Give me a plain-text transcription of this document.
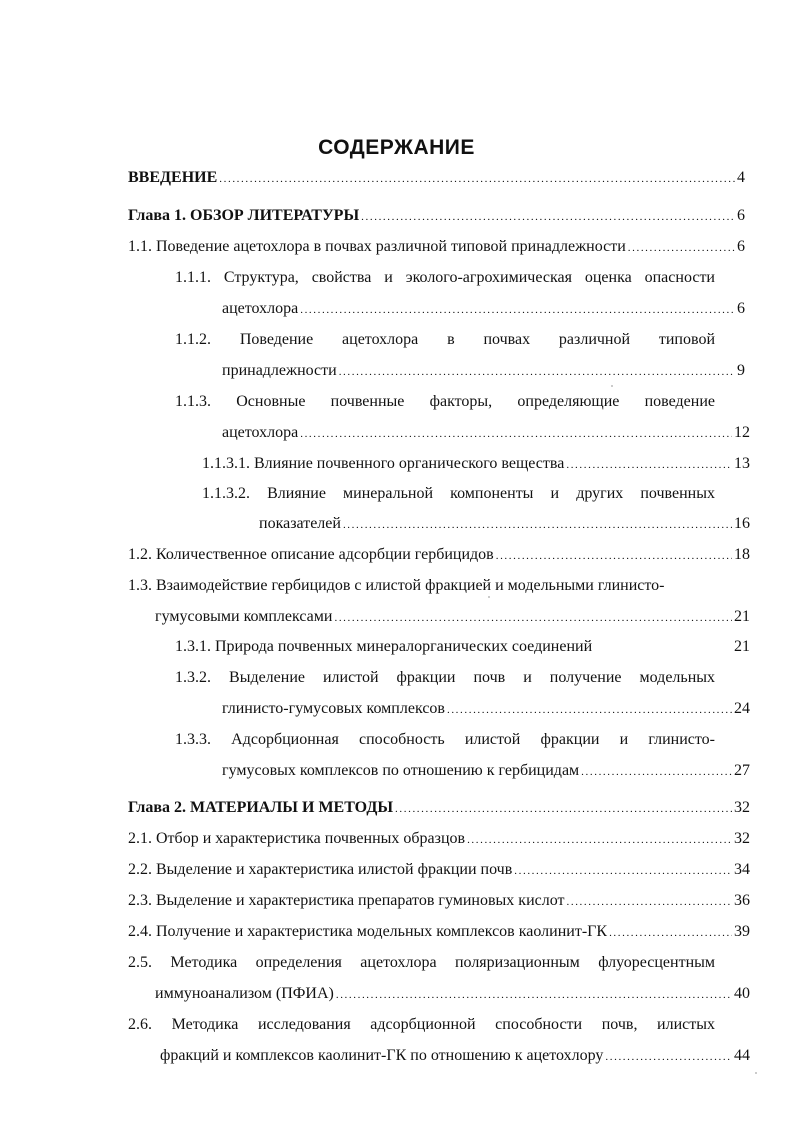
СОДЕРЖАНИЕ
ВВЕДЕНИЕ .....	4
Глава 1. ОБЗОР ЛИТЕРАТУРЫ .....	6
1.1. Поведение ацетохлора в почвах различной типовой принадлежности .....	6
1.1.1. Структура, свойства и эколого-агрохимическая оценка опасности
ацетохлора .....	6
1.1.2. Поведение ацетохлора в почвах различной типовой
принадлежности .....	9
1.1.3. Основные почвенные факторы, определяющие поведение
ацетохлора .....	12
1.1.3.1. Влияние почвенного органического вещества .....	13
1.1.3.2. Влияние минеральной компоненты и других почвенных
показателей .....	16
1.2. Количественное описание адсорбции гербицидов .....	18
1.3. Взаимодействие гербицидов с илистой фракцией и модельными глинисто-
гумусовыми комплексами .....	21
1.3.1. Природа почвенных минералорганических соединений	21
1.3.2. Выделение илистой фракции почв и получение модельных
глинисто-гумусовых комплексов .....	24
1.3.3. Адсорбционная способность илистой фракции и глинисто-
гумусовых комплексов по отношению к гербицидам .....	27
Глава 2. МАТЕРИАЛЫ И МЕТОДЫ .....	32
2.1. Отбор и характеристика почвенных образцов .....	32
2.2. Выделение и характеристика илистой фракции почв .....	34
2.3. Выделение и характеристика препаратов гуминовых кислот .....	36
2.4. Получение и характеристика модельных комплексов каолинит-ГК .....	39
2.5. Методика определения ацетохлора поляризационным флуоресцентным
иммуноанализом (ПФИА) .....	40
2.6. Методика исследования адсорбционной способности почв, илистых
фракций и комплексов каолинит-ГК по отношению к ацетохлору .....	44
